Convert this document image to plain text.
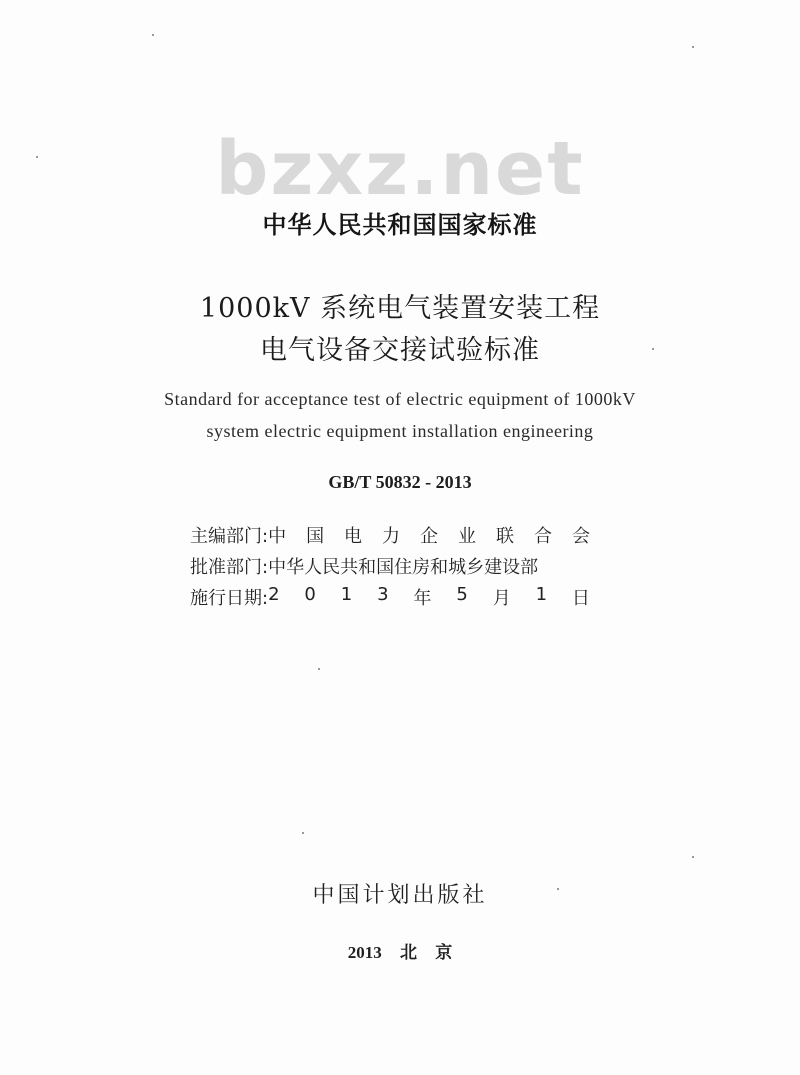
bzxz.net
中华人民共和国国家标准
1000kV 系统电气装置安装工程
电气设备交接试验标准
Standard for acceptance test of electric equipment of 1000kV
system electric equipment installation engineering
GB/T 50832 - 2013
主编部门: 中 国 电 力 企 业 联 合 会
批准部门: 中华人民共和国住房和城乡建设部
施行日期: 2 0 1 3 年 5 月 1 日
中国计划出版社
2013 北 京
